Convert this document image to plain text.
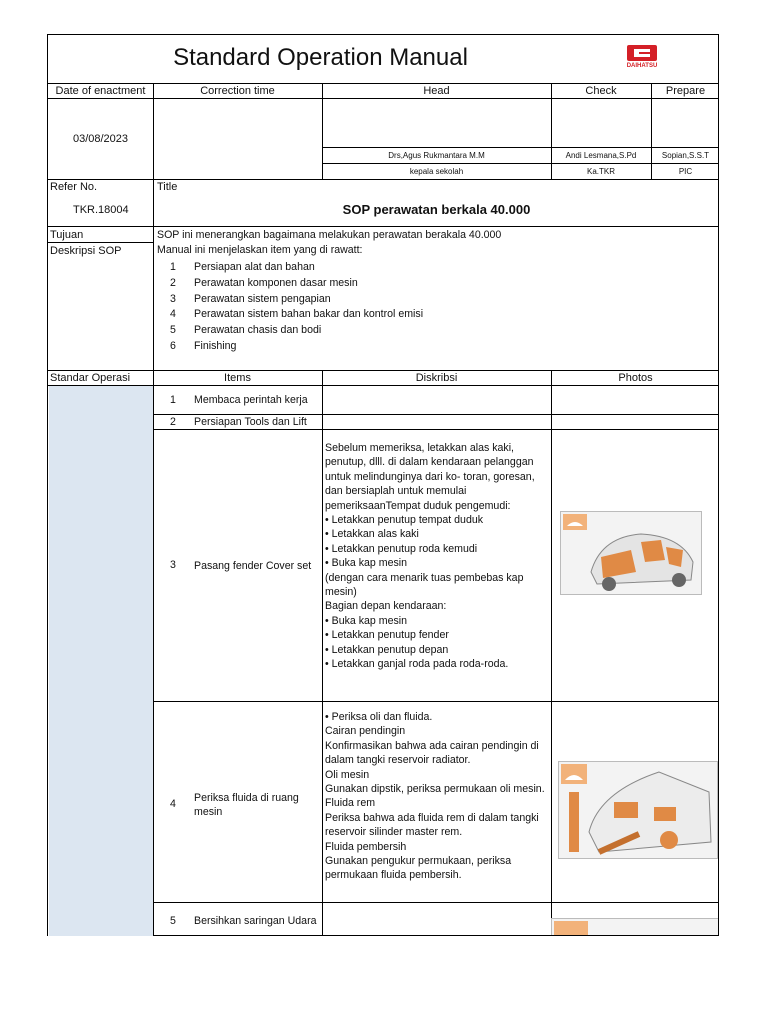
Standard Operation Manual	DAIHATSU
Date of enactment	Correction time	Head	Check	Prepare
03/08/2023
Drs,Agus Rukmantara M.M	Andi Lesmana,S.Pd	Sopian,S.S.T
kepala sekolah	Ka.TKR	PIC
Refer No.
TKR.18004
Title
SOP perawatan berkala 40.000
Tujuan	SOP ini menerangkan bagaimana melakukan perawatan berakala 40.000
Deskripsi SOP	Manual ini menjelaskan item yang di rawatt:
1 Persiapan alat dan bahan
2 Perawatan komponen dasar mesin
3 Perawatan sistem pengapian
4 Perawatan sistem bahan bakar dan kontrol emisi
5 Perawatan chasis dan bodi
6 Finishing
Standar Operasi	Items	Diskribsi	Photos
1 Membaca perintah kerja
2 Persiapan Tools dan Lift
3 Pasang fender Cover set
Sebelum memeriksa, letakkan alas kaki,
penutup, dlll. di dalam kendaraan pelanggan
untuk melindunginya dari ko- toran, goresan,
dan bersiaplah untuk memulai
pemeriksaanTempat duduk pengemudi:
• Letakkan penutup tempat duduk
• Letakkan alas kaki
• Letakkan penutup roda kemudi
• Buka kap mesin
(dengan cara menarik tuas pembebas kap
mesin)
Bagian depan kendaraan:
• Buka kap mesin
• Letakkan penutup fender
• Letakkan penutup depan
• Letakkan ganjal roda pada roda-roda.
4 Periksa fluida di ruang
mesin
• Periksa oli dan fluida.
Cairan pendingin
Konfirmasikan bahwa ada cairan pendingin di
dalam tangki reservoir radiator.
Oli mesin
Gunakan dipstik, periksa permukaan oli mesin.
Fluida rem
Periksa bahwa ada fluida rem di dalam tangki
reservoir silinder master rem.
Fluida pembersih
Gunakan pengukur permukaan, periksa
permukaan fluida pembersih.
5 Bersihkan saringan Udara
